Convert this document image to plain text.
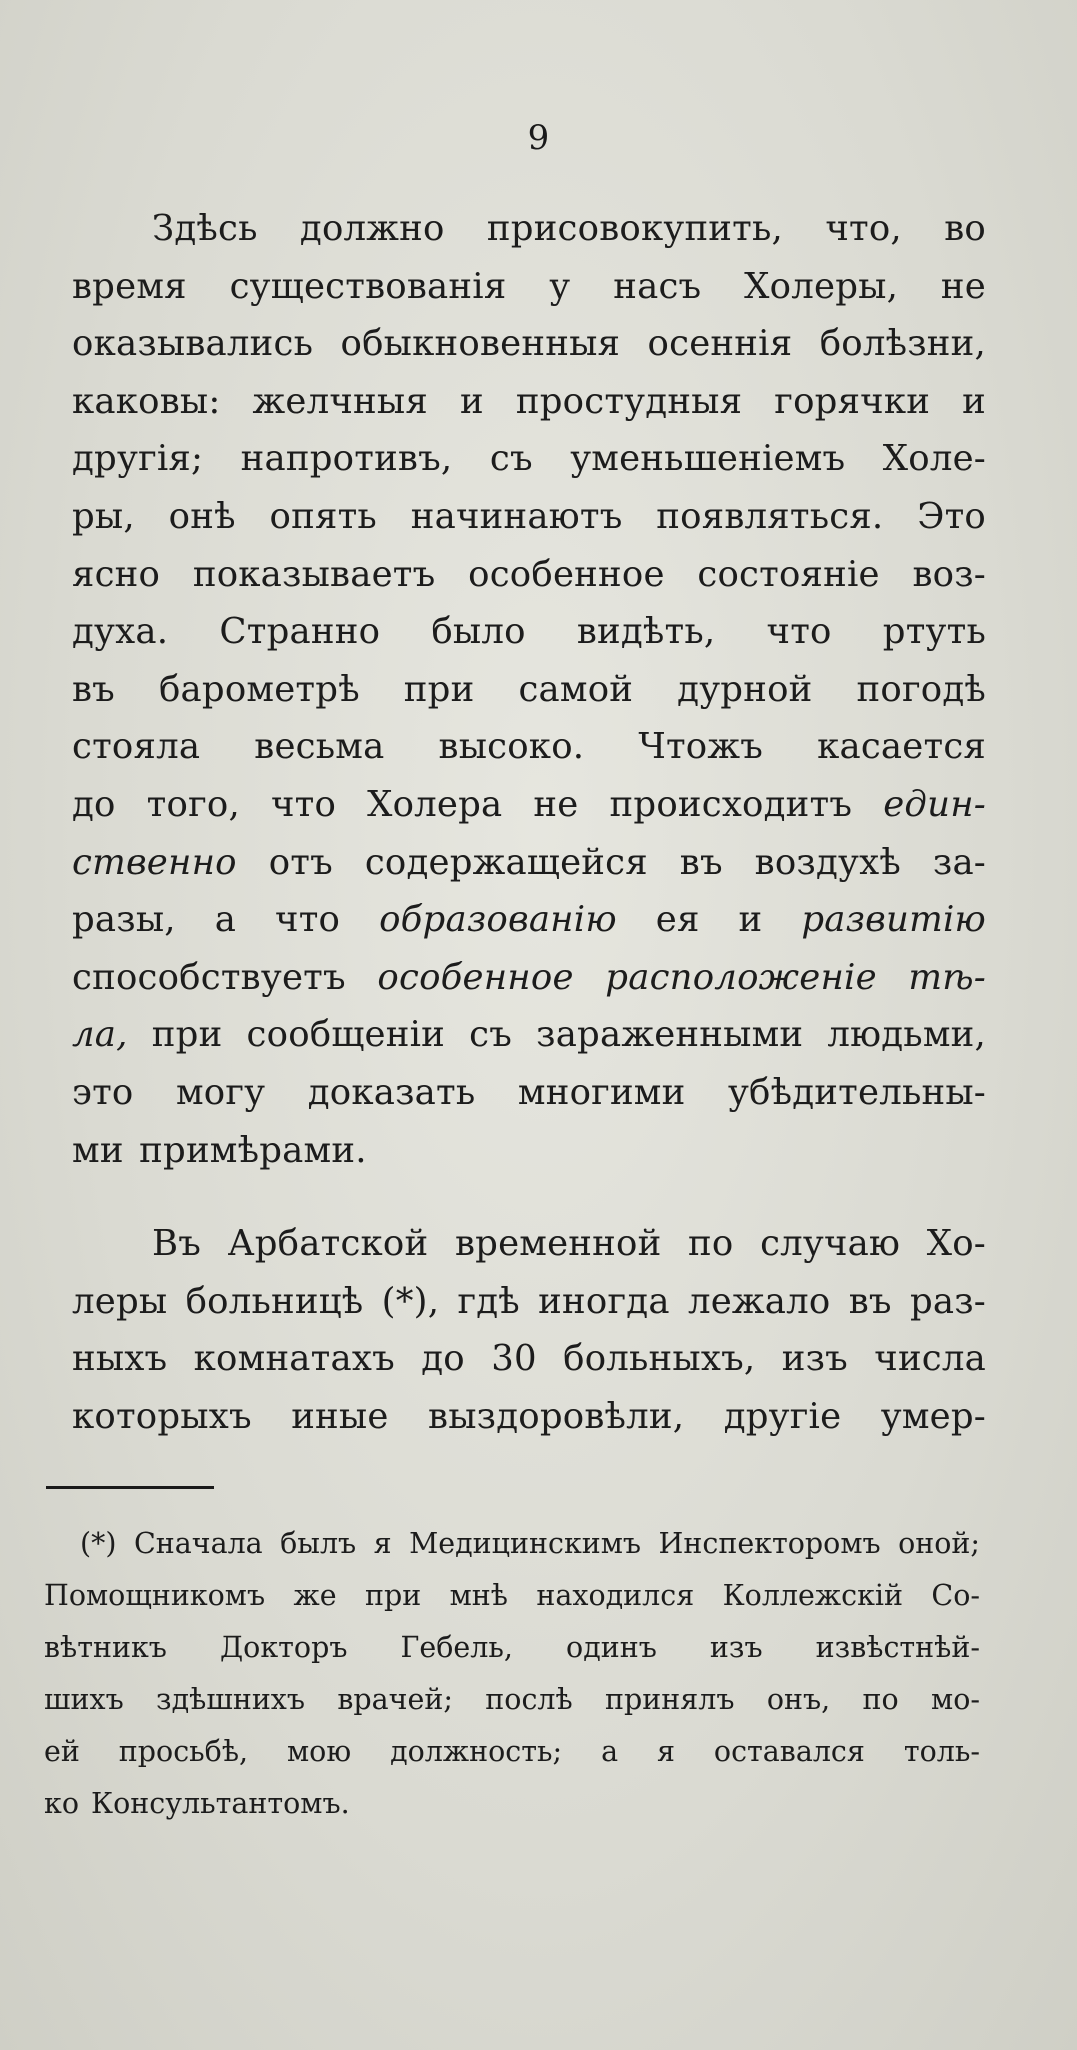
9
Здѣсь должно присовокупить, что, во
время существованія у насъ Холеры, не
оказывались обыкновенныя осеннія болѣзни,
каковы: желчныя и простудныя горячки и
другія; напротивъ, съ уменьшеніемъ Холе-
ры, онѣ опять начинаютъ появляться. Это
ясно показываетъ особенное состояніе воз-
духа. Странно было видѣть, что ртуть
въ барометрѣ при самой дурной погодѣ
стояла весьма высоко. Чтожъ касается
до того, что Холера не происходитъ един-
ственно отъ содержащейся въ воздухѣ за-
разы, а что образованію ея и развитію
способствуетъ особенное расположеніе тѣ-
ла, при сообщеніи съ зараженными людьми,
это могу доказать многими убѣдительны-
ми примѣрами.
Въ Арбатской временной по случаю Хо-
леры больницѣ (*), гдѣ иногда лежало въ раз-
ныхъ комнатахъ до 30 больныхъ, изъ числа
которыхъ иные выздоровѣли, другіе умер-
(*) Сначала былъ я Медицинскимъ Инспекторомъ оной;
Помощникомъ же при мнѣ находился Коллежскій Со-
вѣтникъ Докторъ Гебель, одинъ изъ извѣстнѣй-
шихъ здѣшнихъ врачей; послѣ принялъ онъ, по мо-
ей просьбѣ, мою должность; а я оставался толь-
ко Консультантомъ.
